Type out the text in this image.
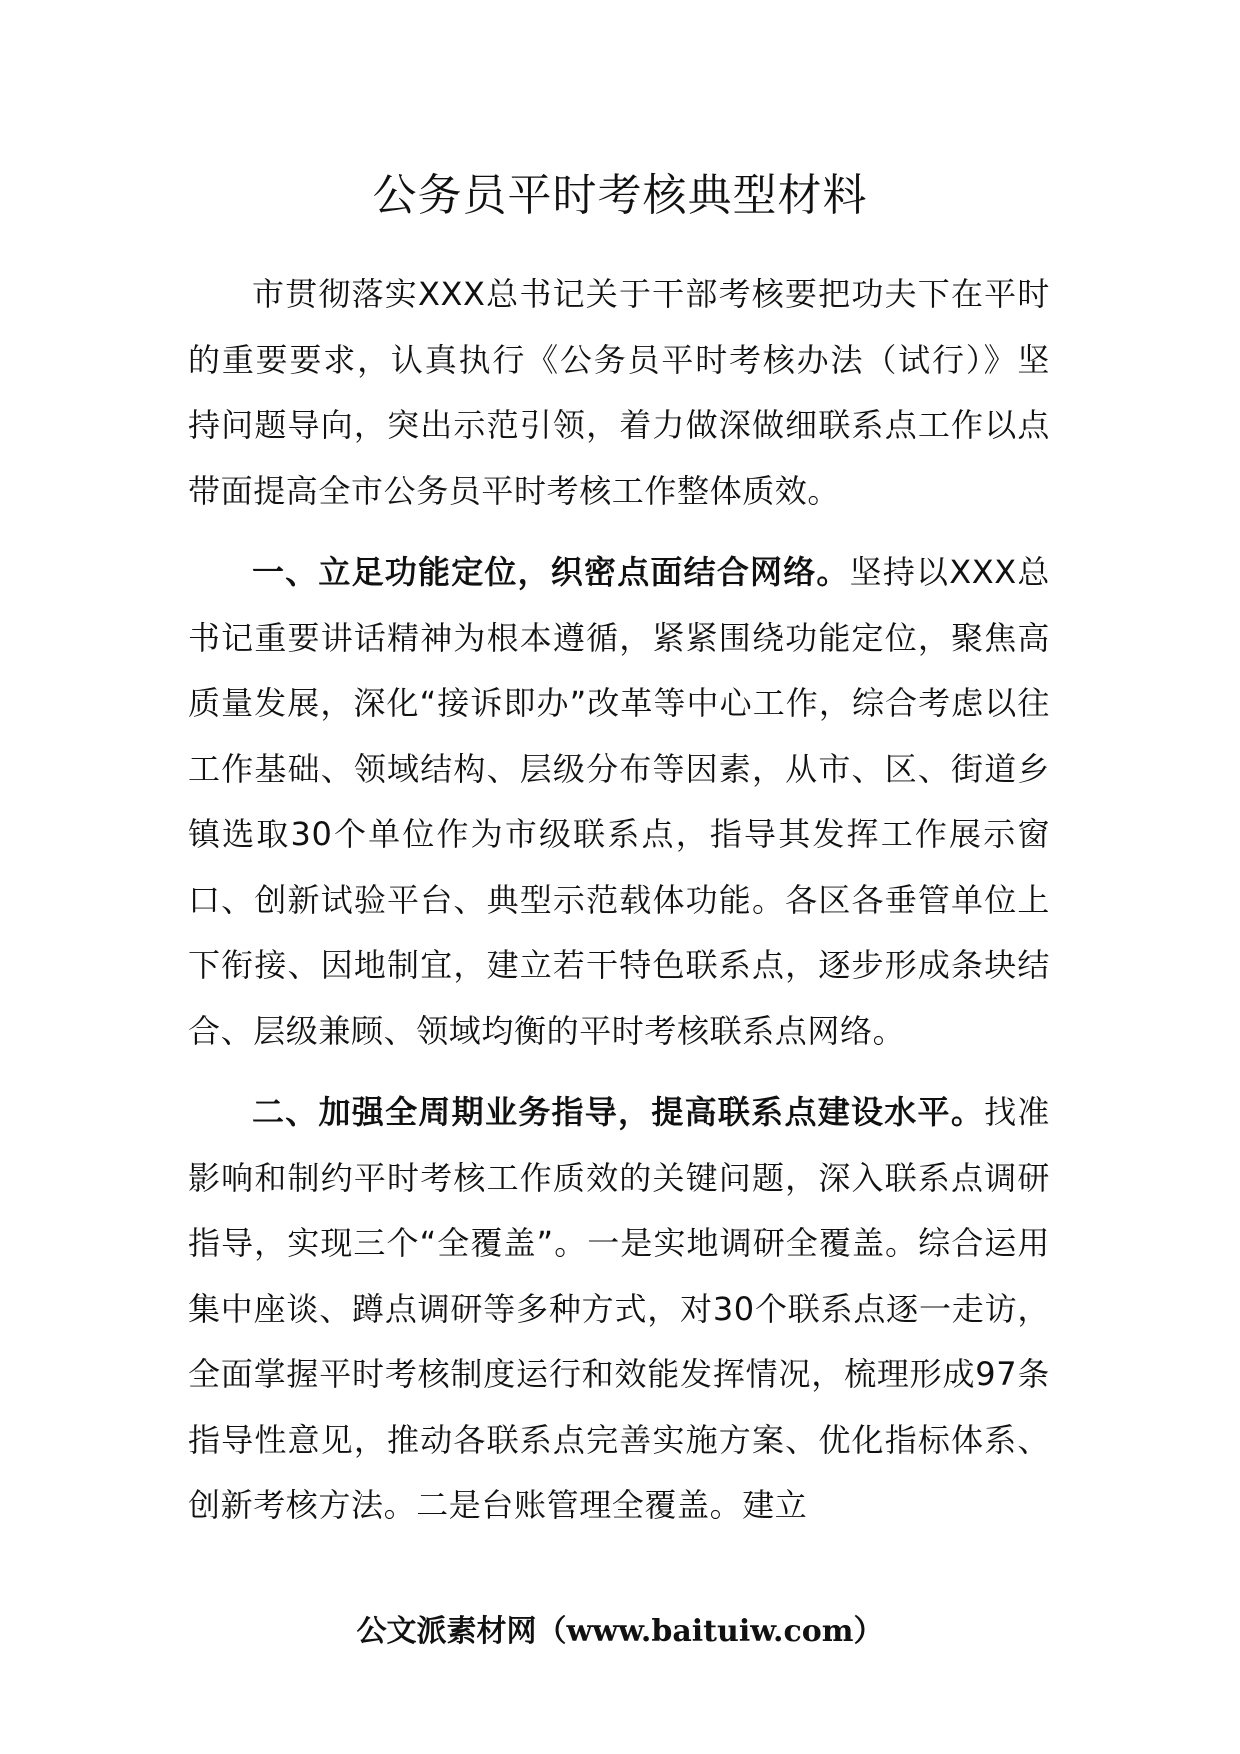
公务员平时考核典型材料

市贯彻落实XXX总书记关于干部考核要把功夫下在平时的重要要求，认真执行《公务员平时考核办法（试行）》坚持问题导向，突出示范引领，着力做深做细联系点工作以点带面提高全市公务员平时考核工作整体质效。

一、立足功能定位，织密点面结合网络。坚持以XXX总书记重要讲话精神为根本遵循，紧紧围绕功能定位，聚焦高质量发展，深化“接诉即办”改革等中心工作，综合考虑以往工作基础、领域结构、层级分布等因素，从市、区、街道乡镇选取30个单位作为市级联系点，指导其发挥工作展示窗口、创新试验平台、典型示范载体功能。各区各垂管单位上下衔接、因地制宜，建立若干特色联系点，逐步形成条块结合、层级兼顾、领域均衡的平时考核联系点网络。

二、加强全周期业务指导，提高联系点建设水平。找准影响和制约平时考核工作质效的关键问题，深入联系点调研指导，实现三个“全覆盖”。一是实地调研全覆盖。综合运用集中座谈、蹲点调研等多种方式，对30个联系点逐一走访，全面掌握平时考核制度运行和效能发挥情况，梳理形成97条指导性意见，推动各联系点完善实施方案、优化指标体系、创新考核方法。二是台账管理全覆盖。建立

公文派素材网（www.baituiw.com）
